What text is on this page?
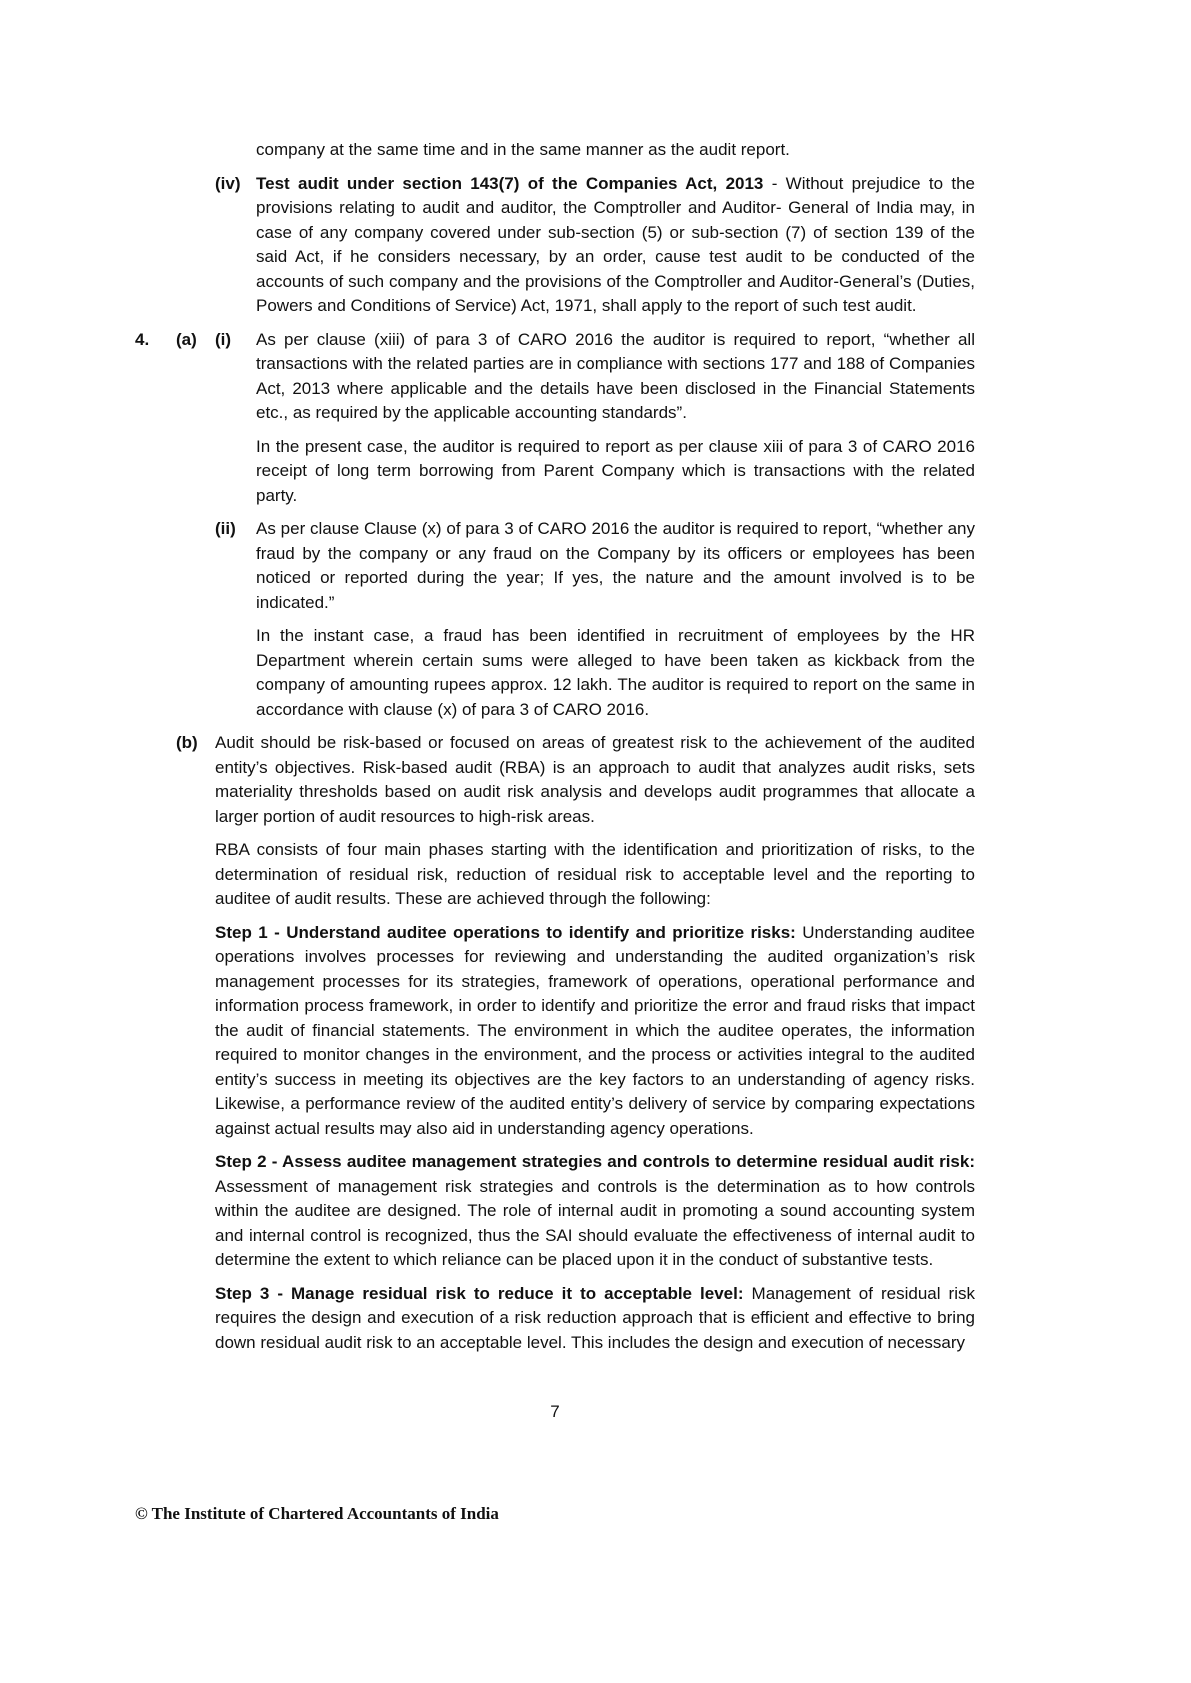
company at the same time and in the same manner as the audit report.
(iv) Test audit under section 143(7) of the Companies Act, 2013 - Without prejudice to the provisions relating to audit and auditor, the Comptroller and Auditor- General of India may, in case of any company covered under sub-section (5) or sub-section (7) of section 139 of the said Act, if he considers necessary, by an order, cause test audit to be conducted of the accounts of such company and the provisions of the Comptroller and Auditor-General’s (Duties, Powers and Conditions of Service) Act, 1971, shall apply to the report of such test audit.
4. (a) (i) As per clause (xiii) of para 3 of CARO 2016 the auditor is required to report, “whether all transactions with the related parties are in compliance with sections 177 and 188 of Companies Act, 2013 where applicable and the details have been disclosed in the Financial Statements etc., as required by the applicable accounting standards”.
In the present case, the auditor is required to report as per clause xiii of para 3 of CARO 2016 receipt of long term borrowing from Parent Company which is transactions with the related party.
(ii) As per clause Clause (x) of para 3 of CARO 2016 the auditor is required to report, “whether any fraud by the company or any fraud on the Company by its officers or employees has been noticed or reported during the year; If yes, the nature and the amount involved is to be indicated.”
In the instant case, a fraud has been identified in recruitment of employees by the HR Department wherein certain sums were alleged to have been taken as kickback from the company of amounting rupees approx. 12 lakh. The auditor is required to report on the same in accordance with clause (x) of para 3 of CARO 2016.
(b) Audit should be risk-based or focused on areas of greatest risk to the achievement of the audited entity’s objectives. Risk-based audit (RBA) is an approach to audit that analyzes audit risks, sets materiality thresholds based on audit risk analysis and develops audit programmes that allocate a larger portion of audit resources to high-risk areas.
RBA consists of four main phases starting with the identification and prioritization of risks, to the determination of residual risk, reduction of residual risk to acceptable level and the reporting to auditee of audit results. These are achieved through the following:
Step 1 - Understand auditee operations to identify and prioritize risks: Understanding auditee operations involves processes for reviewing and understanding the audited organization’s risk management processes for its strategies, framework of operations, operational performance and information process framework, in order to identify and prioritize the error and fraud risks that impact the audit of financial statements. The environment in which the auditee operates, the information required to monitor changes in the environment, and the process or activities integral to the audited entity’s success in meeting its objectives are the key factors to an understanding of agency risks. Likewise, a performance review of the audited entity’s delivery of service by comparing expectations against actual results may also aid in understanding agency operations.
Step 2 - Assess auditee management strategies and controls to determine residual audit risk: Assessment of management risk strategies and controls is the determination as to how controls within the auditee are designed. The role of internal audit in promoting a sound accounting system and internal control is recognized, thus the SAI should evaluate the effectiveness of internal audit to determine the extent to which reliance can be placed upon it in the conduct of substantive tests.
Step 3 - Manage residual risk to reduce it to acceptable level: Management of residual risk requires the design and execution of a risk reduction approach that is efficient and effective to bring down residual audit risk to an acceptable level. This includes the design and execution of necessary
7
© The Institute of Chartered Accountants of India
